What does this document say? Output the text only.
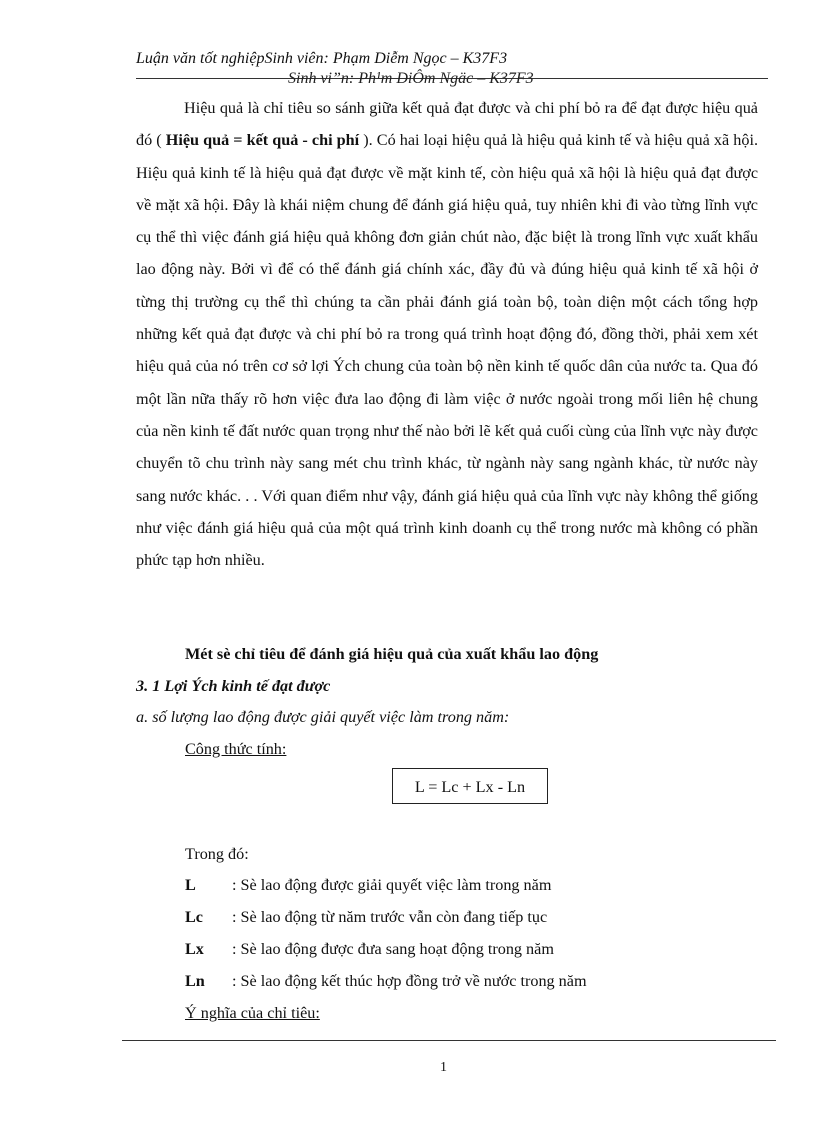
Luận văn tốt nghiệpSinh viên: Phạm Diễm Ngọc – K37F3
Sinh vi”n: Ph¹m DiÔm Ngäc – K37F3

Hiệu quả là chỉ tiêu so sánh giữa kết quả đạt được và chi phí bỏ ra để đạt được hiệu quả đó ( Hiệu quả = kết quả - chi phí ). Có hai loại hiệu quả là hiệu quả kinh tế và hiệu quả xã hội. Hiệu quả kinh tế là hiệu quả đạt được về mặt kinh tế, còn hiệu quả xã hội là hiệu quả đạt được về mặt xã hội. Đây là khái niệm chung để đánh giá hiệu quả, tuy nhiên khi đi vào từng lĩnh vực cụ thể thì việc đánh giá hiệu quả không đơn giản chút nào, đặc biệt là trong lĩnh vực xuất khẩu lao động này. Bởi vì để có thể đánh giá chính xác, đầy đủ và đúng hiệu quả kinh tế xã hội ở từng thị trường cụ thể thì chúng ta cần phải đánh giá toàn bộ, toàn diện một cách tổng hợp những kết quả đạt được và chi phí bỏ ra trong quá trình hoạt động đó, đồng thời, phải xem xét hiệu quả của nó trên cơ sở lợi Ých chung của toàn bộ nền kinh tế quốc dân của nước ta. Qua đó một lần nữa thấy rõ hơn việc đưa lao động đi làm việc ở nước ngoài trong mối liên hệ chung của nền kinh tế đất nước quan trọng như thế nào bởi lẽ kết quả cuối cùng của lĩnh vực này được chuyển tõ chu trình này sang mét chu trình khác, từ ngành này sang ngành khác, từ nước này sang nước khác. . . Với quan điểm như vậy, đánh giá hiệu quả của lĩnh vực này không thể giống như việc đánh giá hiệu quả của một quá trình kinh doanh cụ thể trong nước mà không có phần phức tạp hơn nhiều.

Mét sè chỉ tiêu để đánh giá hiệu quả của xuất khẩu lao động
3. 1 Lợi Ých kinh tế đạt được
a. số lượng lao động được giải quyết việc làm trong năm:
Công thức tính:
L = Lc + Lx - Ln
Trong đó:
L : Sè lao động được giải quyết việc làm trong năm
Lc : Sè lao động từ năm trước vẫn còn đang tiếp tục
Lx : Sè lao động được đưa sang hoạt động trong năm
Ln : Sè lao động kết thúc hợp đồng trở về nước trong năm
Ý nghĩa của chỉ tiêu:
1
